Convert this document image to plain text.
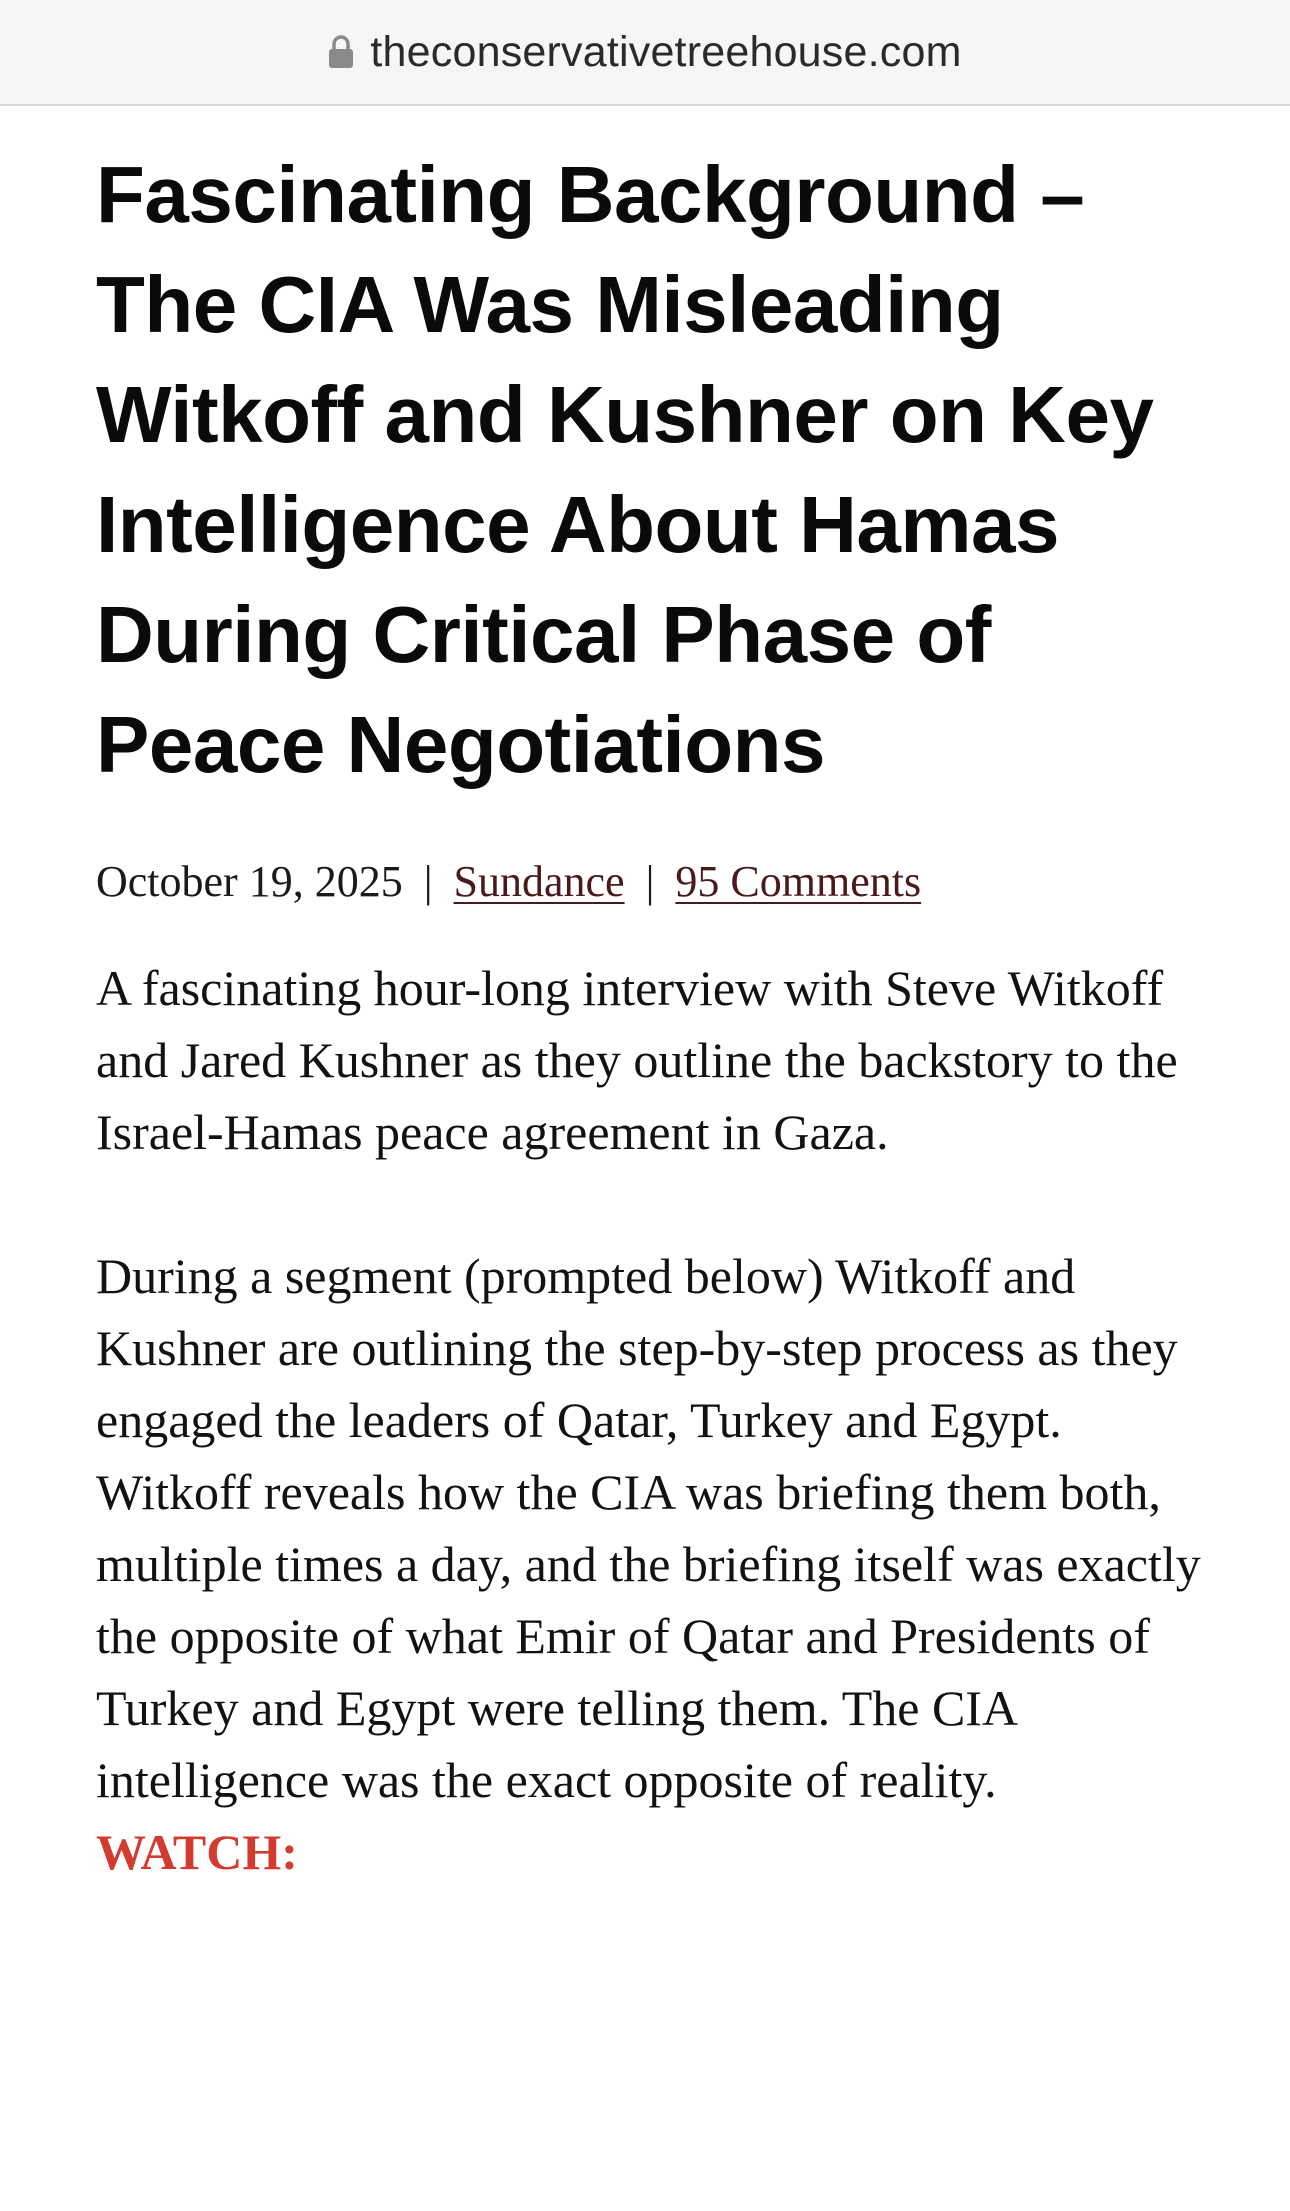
theconservativetreehouse.com
Fascinating Background – The CIA Was Misleading Witkoff and Kushner on Key Intelligence About Hamas During Critical Phase of Peace Negotiations
October 19, 2025 | Sundance | 95 Comments

A fascinating hour-long interview with Steve Witkoff and Jared Kushner as they outline the backstory to the Israel-Hamas peace agreement in Gaza.

During a segment (prompted below) Witkoff and Kushner are outlining the step-by-step process as they engaged the leaders of Qatar, Turkey and Egypt. Witkoff reveals how the CIA was briefing them both, multiple times a day, and the briefing itself was exactly the opposite of what Emir of Qatar and Presidents of Turkey and Egypt were telling them. The CIA intelligence was the exact opposite of reality.

WATCH:
